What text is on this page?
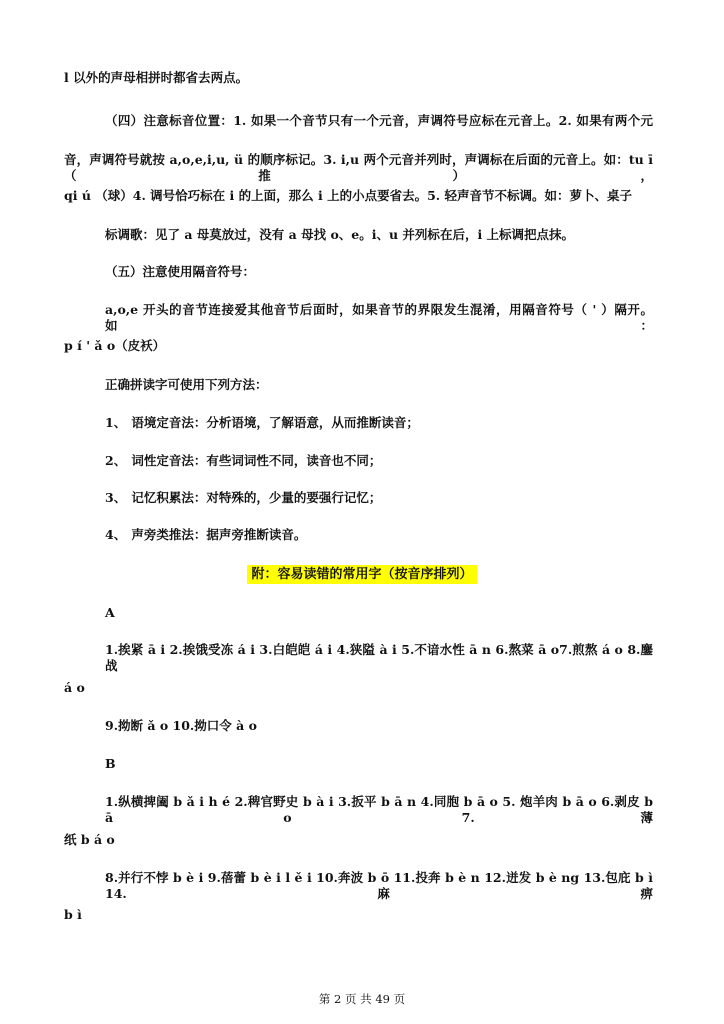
l 以外的声母相拼时都省去两点。

（四）注意标音位置：1. 如果一个音节只有一个元音，声调符号应标在元音上。2. 如果有两个元

音，声调符号就按 a,o,e,i,u, ü 的顺序标记。3. i,u 两个元音并列时，声调标在后面的元音上。如：tu ī（推），

qi ú （球）4. 调号恰巧标在 i 的上面，那么 i 上的小点要省去。5. 轻声音节不标调。如：萝卜、桌子

标调歌：见了 a 母莫放过，没有 a 母找 o、e。i、u 并列标在后，i 上标调把点抹。

（五）注意使用隔音符号：

a,o,e 开头的音节连接爱其他音节后面时，如果音节的界限发生混淆，用隔音符号（ ' ）隔开。如：

p í ' ǎ o（皮袄）

正确拼读字可使用下列方法：

1、 语境定音法：分析语境，了解语意，从而推断读音；

2、 词性定音法：有些词词性不同，读音也不同；

3、 记忆积累法：对特殊的，少量的要强行记忆；

4、 声旁类推法：据声旁推断读音。

附：容易读错的常用字（按音序排列）

A

1.挨紧 ā i 2.挨饿受冻 á i 3.白皑皑 á i 4.狭隘 à i 5.不谙水性 ā n 6.熬菜 ā o7.煎熬 á o 8.鏖战

á o

9.拗断 ǎ o 10.拗口令 à o

B

1.纵横捭阖 b ǎ i h é 2.稗官野史 b à i 3.扳平 b ā n 4.同胞 b ā o 5. 炮羊肉 b ā o 6.剥皮 b ā o 7.薄

纸 b á o

8.并行不悖 b è i 9.蓓蕾 b è i l ě i 10.奔波 b ō 11.投奔 b è n 12.迸发 b è ng 13.包庇 b ì 14.麻痹

b ì

第 2 页 共 49 页
